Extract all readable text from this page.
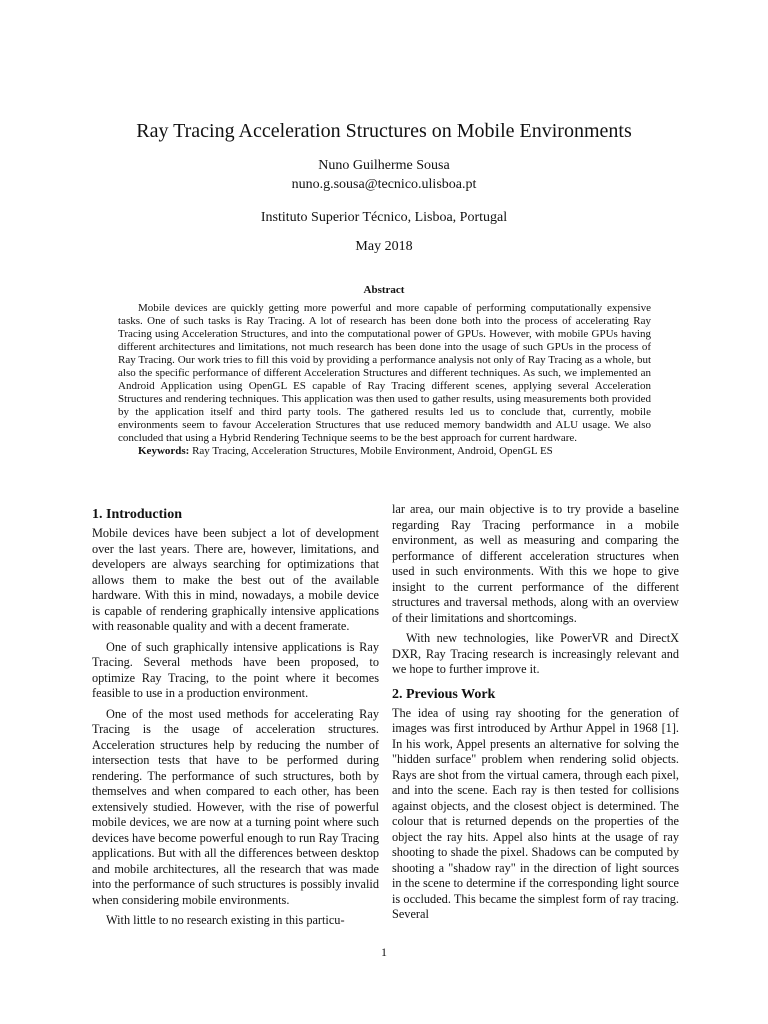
Ray Tracing Acceleration Structures on Mobile Environments
Nuno Guilherme Sousa
nuno.g.sousa@tecnico.ulisboa.pt
Instituto Superior Técnico, Lisboa, Portugal
May 2018
Abstract

Mobile devices are quickly getting more powerful and more capable of performing computationally expensive tasks. One of such tasks is Ray Tracing. A lot of research has been done both into the process of accelerating Ray Tracing using Acceleration Structures, and into the computational power of GPUs. However, with mobile GPUs having different architectures and limitations, not much research has been done into the usage of such GPUs in the process of Ray Tracing. Our work tries to fill this void by providing a performance analysis not only of Ray Tracing as a whole, but also the specific performance of different Acceleration Structures and different techniques. As such, we implemented an Android Application using OpenGL ES capable of Ray Tracing different scenes, applying several Acceleration Structures and rendering techniques. This application was then used to gather results, using measurements both provided by the application itself and third party tools. The gathered results led us to conclude that, currently, mobile environments seem to favour Acceleration Structures that use reduced memory bandwidth and ALU usage. We also concluded that using a Hybrid Rendering Technique seems to be the best approach for current hardware.

Keywords: Ray Tracing, Acceleration Structures, Mobile Environment, Android, OpenGL ES

1. Introduction

Mobile devices have been subject a lot of development over the last years. There are, however, limitations, and developers are always searching for optimizations that allows them to make the best out of the available hardware. With this in mind, nowadays, a mobile device is capable of rendering graphically intensive applications with reasonable quality and with a decent framerate.

One of such graphically intensive applications is Ray Tracing. Several methods have been proposed, to optimize Ray Tracing, to the point where it becomes feasible to use in a production environment.

One of the most used methods for accelerating Ray Tracing is the usage of acceleration structures. Acceleration structures help by reducing the number of intersection tests that have to be performed during rendering. The performance of such structures, both by themselves and when compared to each other, has been extensively studied. However, with the rise of powerful mobile devices, we are now at a turning point where such devices have become powerful enough to run Ray Tracing applications. But with all the differences between desktop and mobile architectures, all the research that was made into the performance of such structures is possibly invalid when considering mobile environments.

With little to no research existing in this particu-

lar area, our main objective is to try provide a baseline regarding Ray Tracing performance in a mobile environment, as well as measuring and comparing the performance of different acceleration structures when used in such environments. With this we hope to give insight to the current performance of the different structures and traversal methods, along with an overview of their limitations and shortcomings.

With new technologies, like PowerVR and DirectX DXR, Ray Tracing research is increasingly relevant and we hope to further improve it.

2. Previous Work

The idea of using ray shooting for the generation of images was first introduced by Arthur Appel in 1968 [1]. In his work, Appel presents an alternative for solving the "hidden surface" problem when rendering solid objects. Rays are shot from the virtual camera, through each pixel, and into the scene. Each ray is then tested for collisions against objects, and the closest object is determined. The colour that is returned depends on the properties of the object the ray hits. Appel also hints at the usage of ray shooting to shade the pixel. Shadows can be computed by shooting a "shadow ray" in the direction of light sources in the scene to determine if the corresponding light source is occluded. This became the simplest form of ray tracing. Several

1
